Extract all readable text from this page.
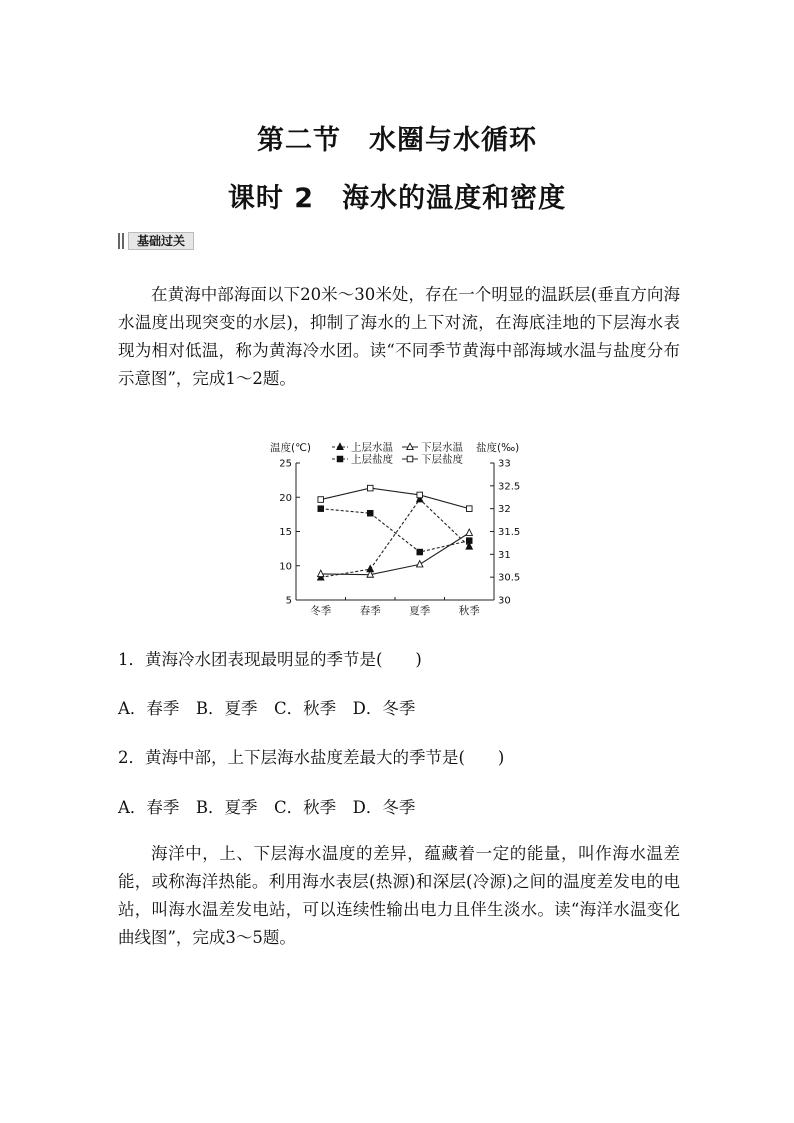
第二节　水圈与水循环
课时 2　海水的温度和密度
基础过关
在黄海中部海面以下20米～30米处，存在一个明显的温跃层(垂直方向海水温度出现突变的水层)，抑制了海水的上下对流，在海底洼地的下层海水表现为相对低温，称为黄海冷水团。读“不同季节黄海中部海域水温与盐度分布示意图”，完成1～2题。
5
10
15
20
25
30
30.5
31
31.5
32
32.5
33
温度(℃)	盐度(‰)
冬季	春季	夏季	秋季
上层水温	下层水温
上层盐度	下层盐度
1．黄海冷水团表现最明显的季节是(　　)
A．春季　B．夏季　C．秋季　D．冬季
2．黄海中部，上下层海水盐度差最大的季节是(　　)
A．春季　B．夏季　C．秋季　D．冬季
海洋中，上、下层海水温度的差异，蕴藏着一定的能量，叫作海水温差能，或称海洋热能。利用海水表层(热源)和深层(冷源)之间的温度差发电的电站，叫海水温差发电站，可以连续性输出电力且伴生淡水。读“海洋水温变化曲线图”，完成3～5题。
